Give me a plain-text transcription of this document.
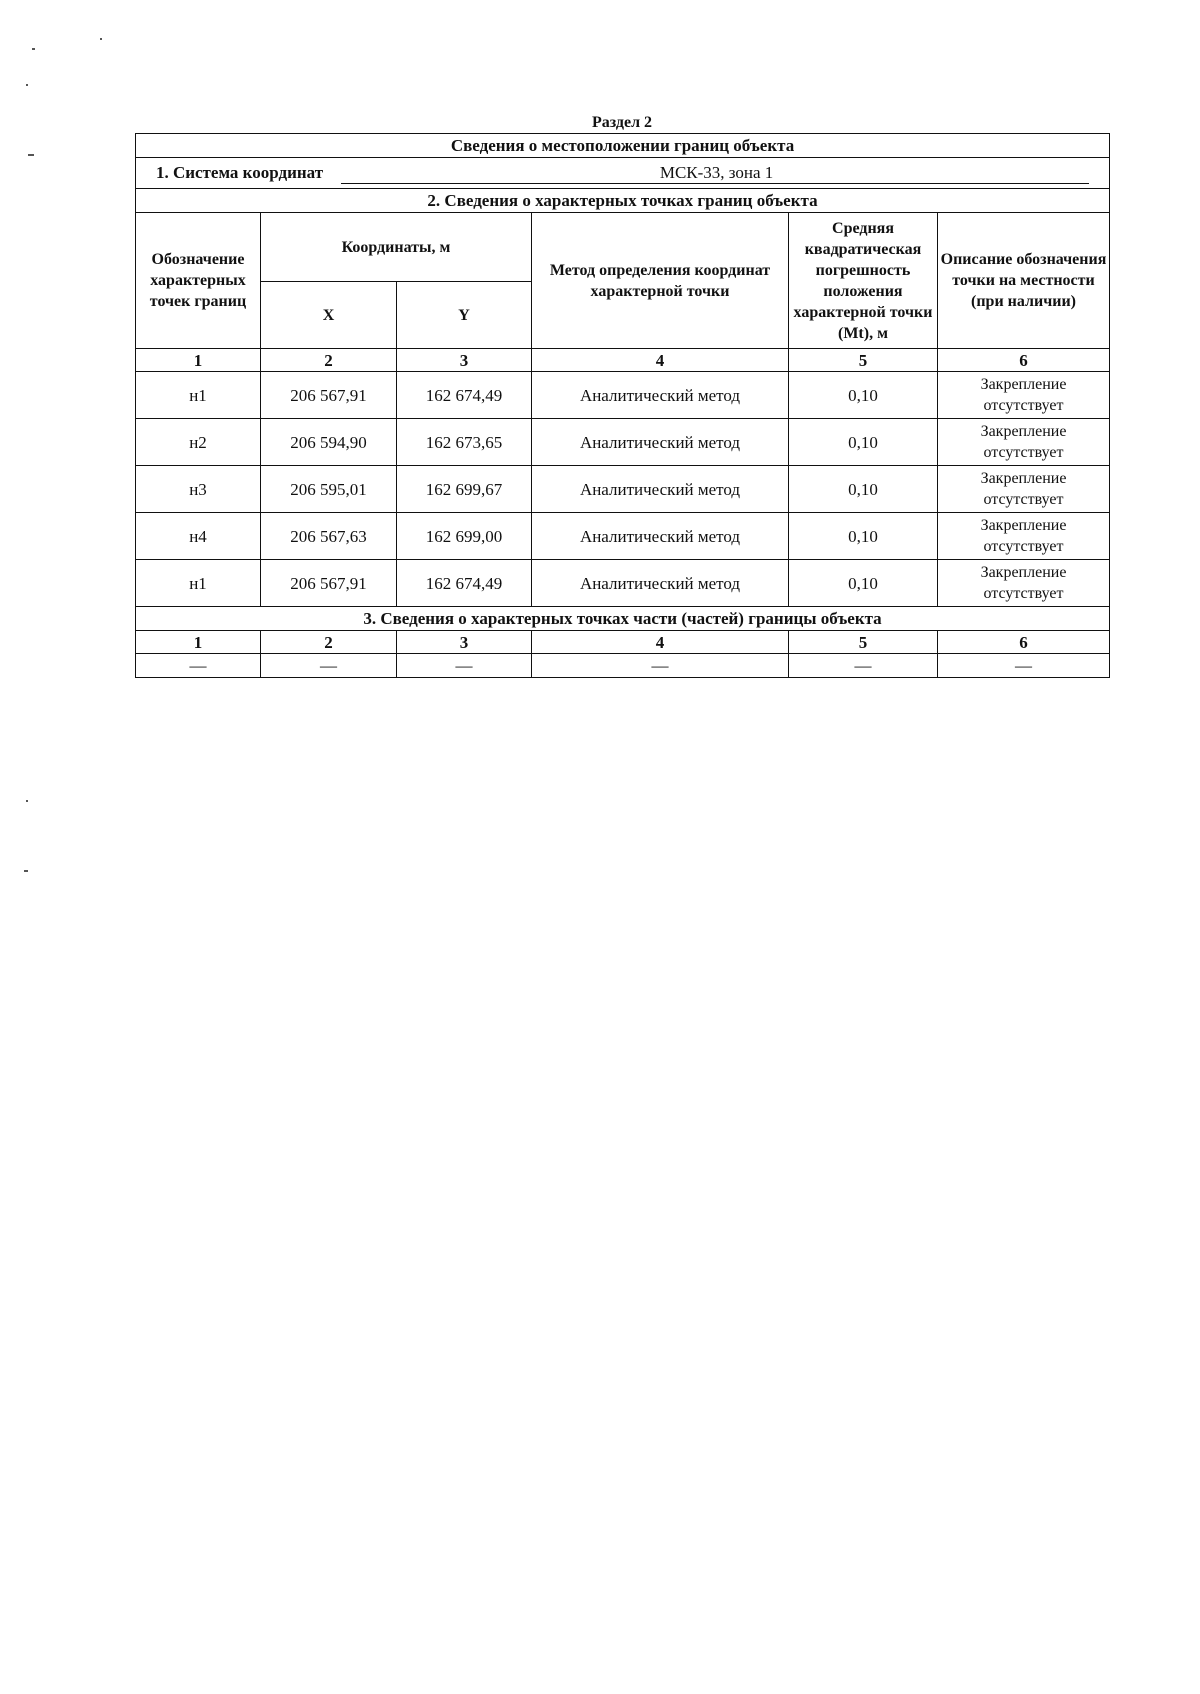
Раздел 2
Сведения о местоположении границ объекта					
1. Система координат МСК-33, зона 1					
2. Сведения о характерных точках границ объекта					
Обозначение характерных точек границ	Координаты, м		Метод определения координат характерной точки	Средняя квадратическая погрешность положения характерной точки (Mt), м	Описание обозначения точки на местности (при наличии)
	X	Y			
1	2	3	4	5	6
н1	206 567,91	162 674,49	Аналитический метод	0,10	Закрепление отсутствует
н2	206 594,90	162 673,65	Аналитический метод	0,10	Закрепление отсутствует
н3	206 595,01	162 699,67	Аналитический метод	0,10	Закрепление отсутствует
н4	206 567,63	162 699,00	Аналитический метод	0,10	Закрепление отсутствует
н1	206 567,91	162 674,49	Аналитический метод	0,10	Закрепление отсутствует
3. Сведения о характерных точках части (частей) границы объекта					
1	2	3	4	5	6
—	—	—	—	—	—
